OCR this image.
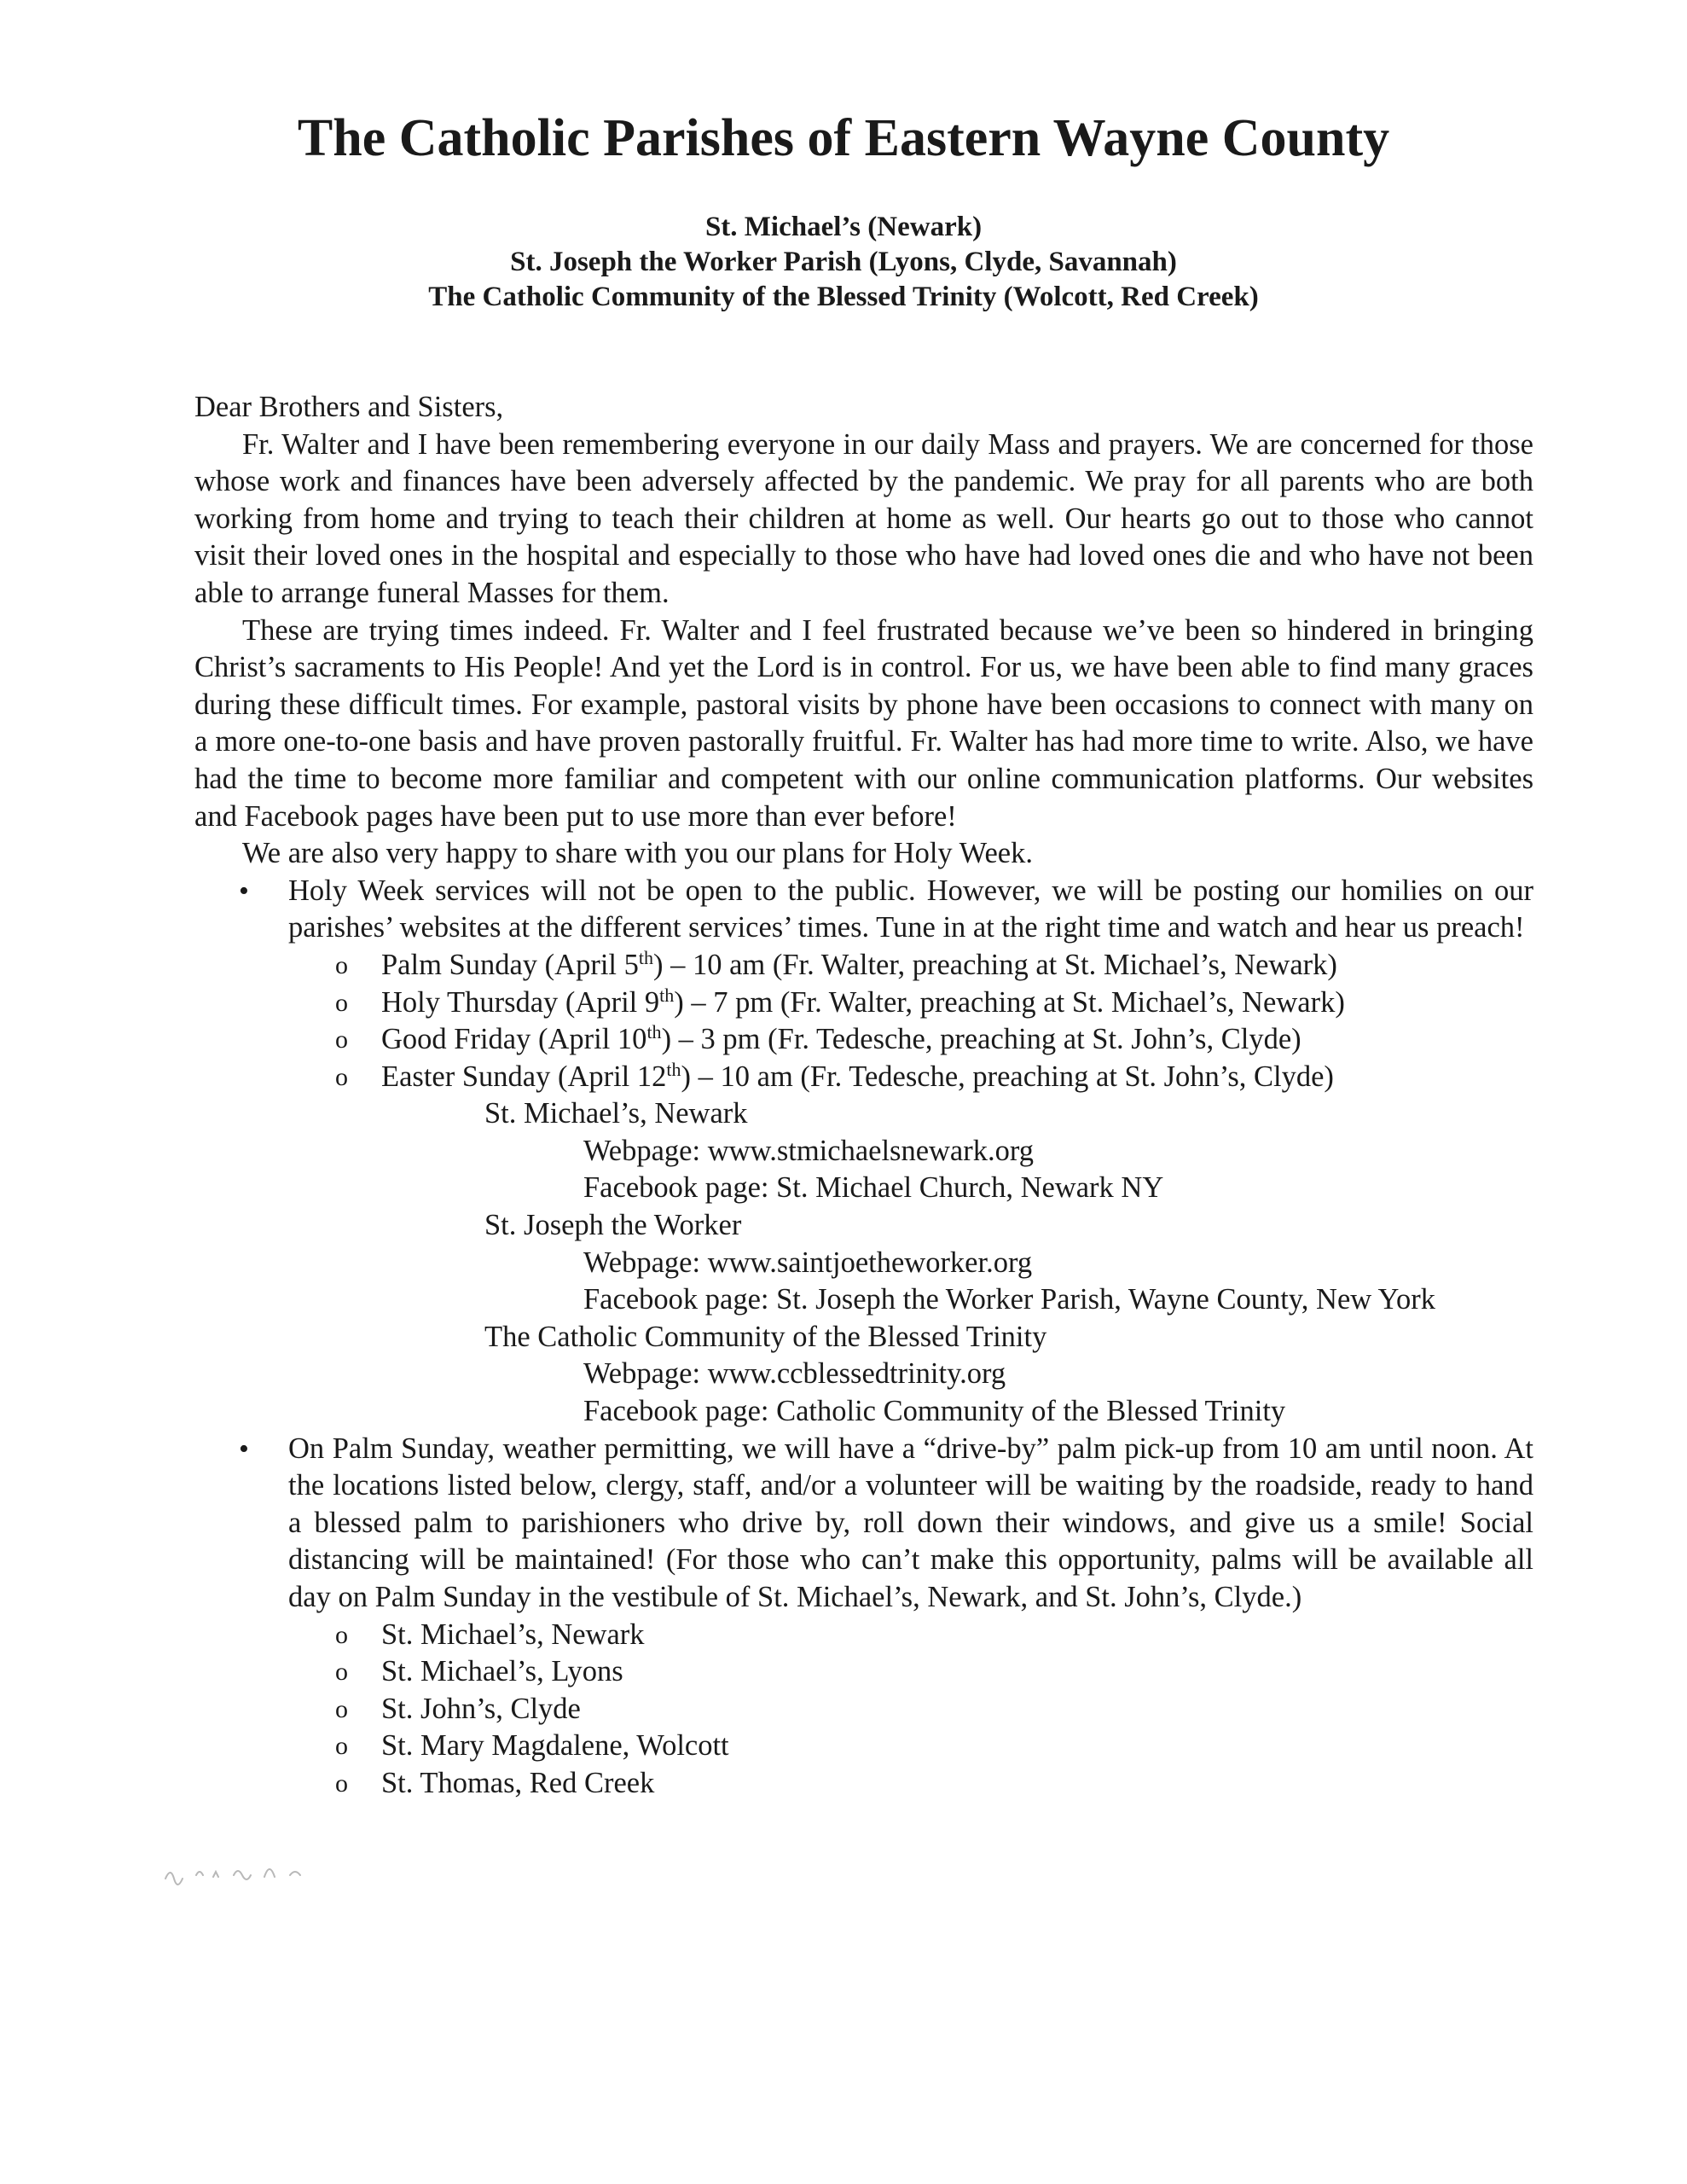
The Catholic Parishes of Eastern Wayne County
St. Michael’s (Newark)
St. Joseph the Worker Parish (Lyons, Clyde, Savannah)
The Catholic Community of the Blessed Trinity (Wolcott, Red Creek)

Dear Brothers and Sisters,

Fr. Walter and I have been remembering everyone in our daily Mass and prayers. We are concerned for those whose work and finances have been adversely affected by the pandemic. We pray for all parents who are both working from home and trying to teach their children at home as well. Our hearts go out to those who cannot visit their loved ones in the hospital and especially to those who have had loved ones die and who have not been able to arrange funeral Masses for them.

These are trying times indeed. Fr. Walter and I feel frustrated because we’ve been so hindered in bringing Christ’s sacraments to His People! And yet the Lord is in control. For us, we have been able to find many graces during these difficult times. For example, pastoral visits by phone have been occasions to connect with many on a more one-to-one basis and have proven pastorally fruitful. Fr. Walter has had more time to write. Also, we have had the time to become more familiar and competent with our online communication platforms. Our websites and Facebook pages have been put to use more than ever before!

We are also very happy to share with you our plans for Holy Week.

• Holy Week services will not be open to the public. However, we will be posting our homilies on our parishes’ websites at the different services’ times. Tune in at the right time and watch and hear us preach!
o Palm Sunday (April 5th) – 10 am (Fr. Walter, preaching at St. Michael’s, Newark)
o Holy Thursday (April 9th) – 7 pm (Fr. Walter, preaching at St. Michael’s, Newark)
o Good Friday (April 10th) – 3 pm (Fr. Tedesche, preaching at St. John’s, Clyde)
o Easter Sunday (April 12th) – 10 am (Fr. Tedesche, preaching at St. John’s, Clyde)
St. Michael’s, Newark
Webpage: www.stmichaelsnewark.org
Facebook page: St. Michael Church, Newark NY
St. Joseph the Worker
Webpage: www.saintjoetheworker.org
Facebook page: St. Joseph the Worker Parish, Wayne County, New York
The Catholic Community of the Blessed Trinity
Webpage: www.ccblessedtrinity.org
Facebook page: Catholic Community of the Blessed Trinity
• On Palm Sunday, weather permitting, we will have a “drive-by” palm pick-up from 10 am until noon. At the locations listed below, clergy, staff, and/or a volunteer will be waiting by the roadside, ready to hand a blessed palm to parishioners who drive by, roll down their windows, and give us a smile! Social distancing will be maintained! (For those who can’t make this opportunity, palms will be available all day on Palm Sunday in the vestibule of St. Michael’s, Newark, and St. John’s, Clyde.)
o St. Michael’s, Newark
o St. Michael’s, Lyons
o St. John’s, Clyde
o St. Mary Magdalene, Wolcott
o St. Thomas, Red Creek
